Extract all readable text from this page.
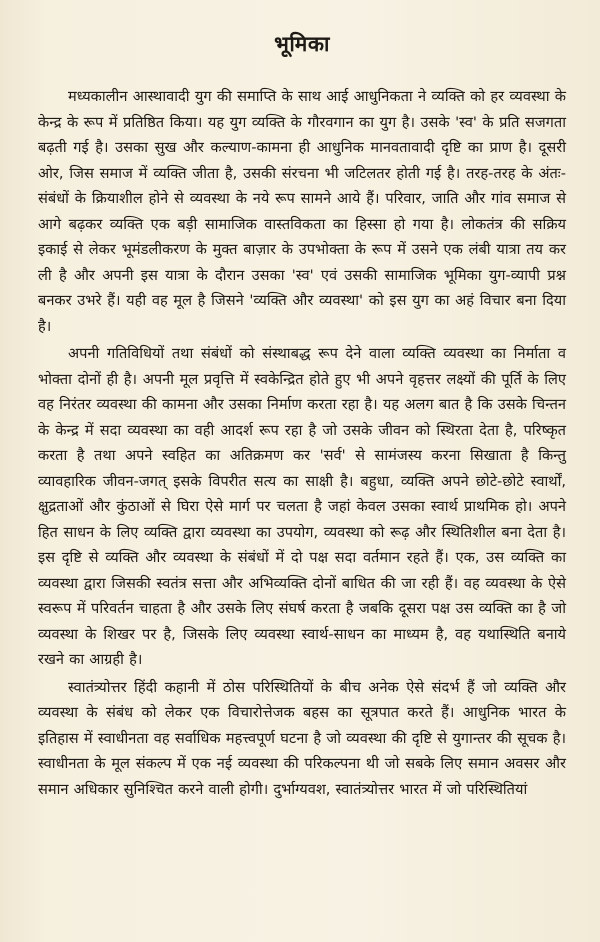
भूमिका

मध्यकालीन आस्थावादी युग की समाप्ति के साथ आई आधुनिकता ने व्यक्ति को हर व्यवस्था के केन्द्र के रूप में प्रतिष्ठित किया। यह युग व्यक्ति के गौरवगान का युग है। उसके 'स्व' के प्रति सजगता बढ़ती गई है। उसका सुख और कल्याण-कामना ही आधुनिक मानवतावादी दृष्टि का प्राण है। दूसरी ओर, जिस समाज में व्यक्ति जीता है, उसकी संरचना भी जटिलतर होती गई है। तरह-तरह के अंतः-संबंधों के क्रियाशील होने से व्यवस्था के नये रूप सामने आये हैं। परिवार, जाति और गांव समाज से आगे बढ़कर व्यक्ति एक बड़ी सामाजिक वास्तविकता का हिस्सा हो गया है। लोकतंत्र की सक्रिय इकाई से लेकर भूमंडलीकरण के मुक्त बाज़ार के उपभोक्ता के रूप में उसने एक लंबी यात्रा तय कर ली है और अपनी इस यात्रा के दौरान उसका 'स्व' एवं उसकी सामाजिक भूमिका युग-व्यापी प्रश्न बनकर उभरे हैं। यही वह मूल है जिसने 'व्यक्ति और व्यवस्था' को इस युग का अहं विचार बना दिया है।

अपनी गतिविधियों तथा संबंधों को संस्थाबद्ध रूप देने वाला व्यक्ति व्यवस्था का निर्माता व भोक्ता दोनों ही है। अपनी मूल प्रवृत्ति में स्वकेन्द्रित होते हुए भी अपने वृहत्तर लक्ष्यों की पूर्ति के लिए वह निरंतर व्यवस्था की कामना और उसका निर्माण करता रहा है। यह अलग बात है कि उसके चिन्तन के केन्द्र में सदा व्यवस्था का वही आदर्श रूप रहा है जो उसके जीवन को स्थिरता देता है, परिष्कृत करता है तथा अपने स्वहित का अतिक्रमण कर 'सर्व' से सामंजस्य करना सिखाता है किन्तु व्यावहारिक जीवन-जगत् इसके विपरीत सत्य का साक्षी है। बहुधा, व्यक्ति अपने छोटे-छोटे स्वार्थों, क्षुद्रताओं और कुंठाओं से घिरा ऐसे मार्ग पर चलता है जहां केवल उसका स्वार्थ प्राथमिक हो। अपने हित साधन के लिए व्यक्ति द्वारा व्यवस्था का उपयोग, व्यवस्था को रूढ़ और स्थितिशील बना देता है। इस दृष्टि से व्यक्ति और व्यवस्था के संबंधों में दो पक्ष सदा वर्तमान रहते हैं। एक, उस व्यक्ति का व्यवस्था द्वारा जिसकी स्वतंत्र सत्ता और अभिव्यक्ति दोनों बाधित की जा रही हैं। वह व्यवस्था के ऐसे स्वरूप में परिवर्तन चाहता है और उसके लिए संघर्ष करता है जबकि दूसरा पक्ष उस व्यक्ति का है जो व्यवस्था के शिखर पर है, जिसके लिए व्यवस्था स्वार्थ-साधन का माध्यम है, वह यथास्थिति बनाये रखने का आग्रही है।

स्वातंत्र्योत्तर हिंदी कहानी में ठोस परिस्थितियों के बीच अनेक ऐसे संदर्भ हैं जो व्यक्ति और व्यवस्था के संबंध को लेकर एक विचारोत्तेजक बहस का सूत्रपात करते हैं। आधुनिक भारत के इतिहास में स्वाधीनता वह सर्वाधिक महत्त्वपूर्ण घटना है जो व्यवस्था की दृष्टि से युगान्तर की सूचक है। स्वाधीनता के मूल संकल्प में एक नई व्यवस्था की परिकल्पना थी जो सबके लिए समान अवसर और समान अधिकार सुनिश्चित करने वाली होगी। दुर्भाग्यवश, स्वातंत्र्योत्तर भारत में जो परिस्थितियां
